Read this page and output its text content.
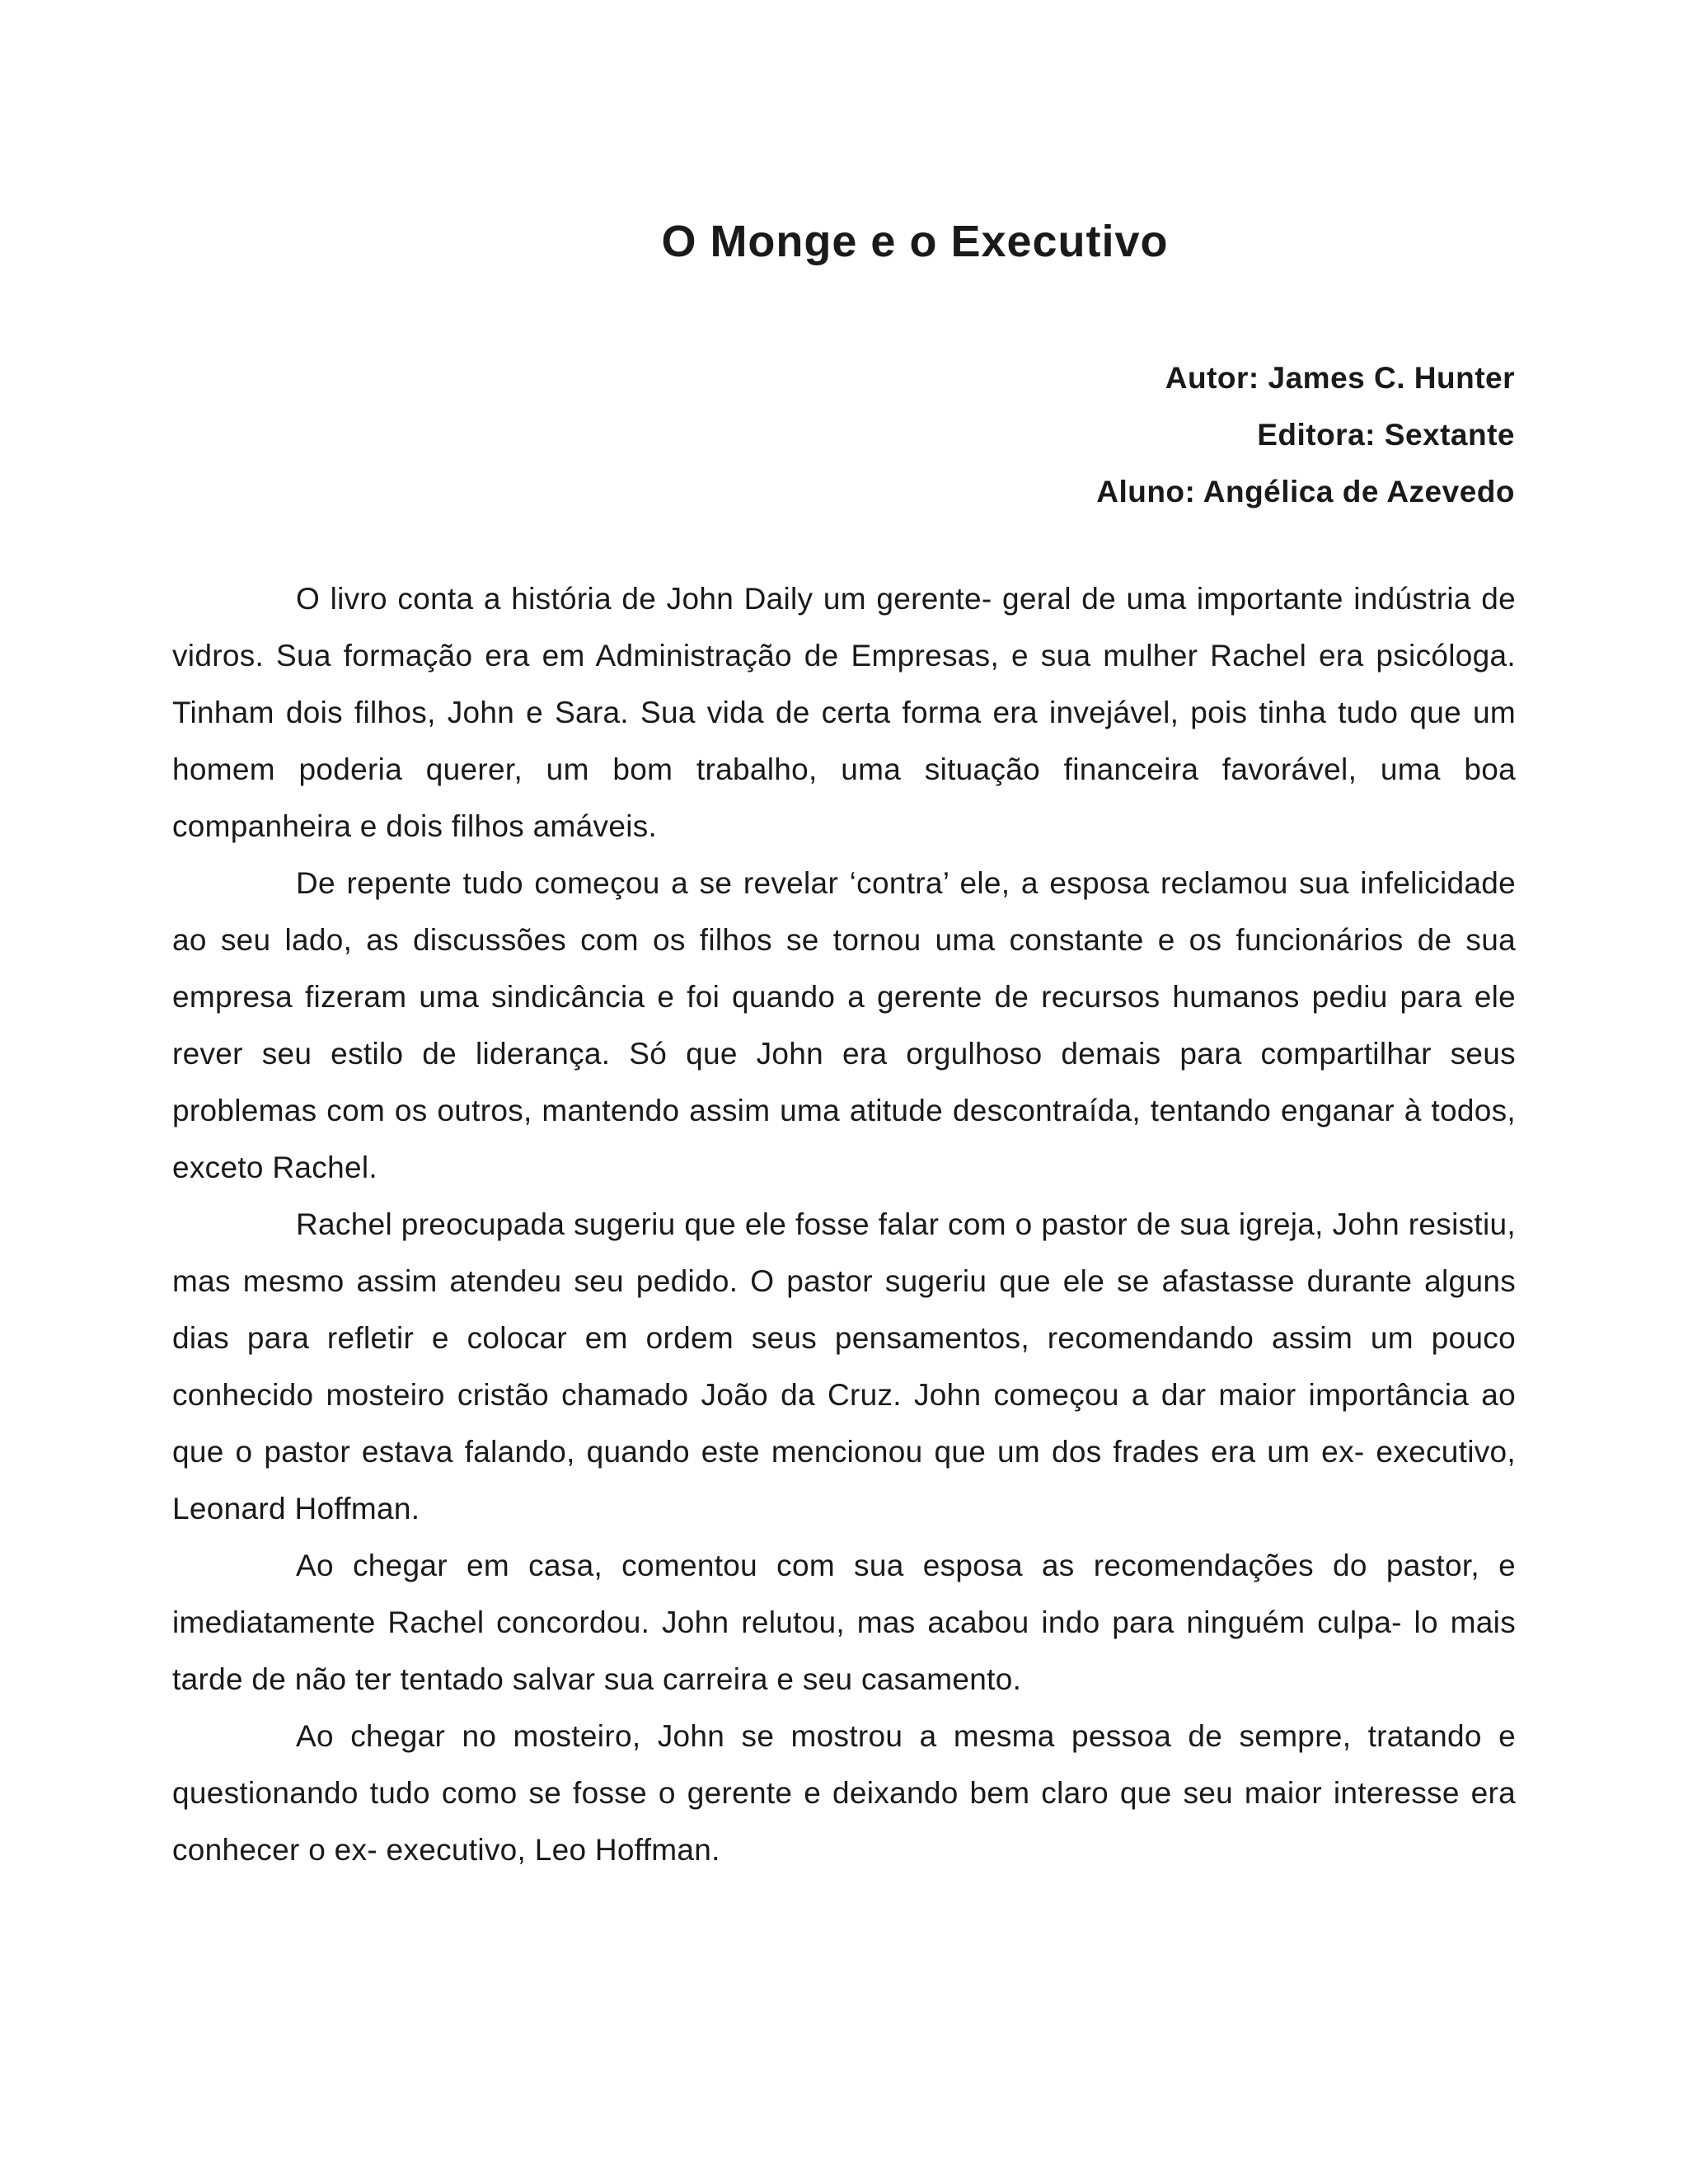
O Monge e o Executivo
Autor: James C. Hunter
Editora: Sextante
Aluno: Angélica de Azevedo

O livro conta a história de John Daily um gerente- geral de uma importante indústria de vidros. Sua formação era em Administração de Empresas, e sua mulher Rachel era psicóloga. Tinham dois filhos, John e Sara. Sua vida de certa forma era invejável, pois tinha tudo que um homem poderia querer, um bom trabalho, uma situação financeira favorável, uma boa companheira e dois filhos amáveis.

De repente tudo começou a se revelar ‘contra’ ele, a esposa reclamou sua infelicidade ao seu lado, as discussões com os filhos se tornou uma constante e os funcionários de sua empresa fizeram uma sindicância e foi quando a gerente de recursos humanos pediu para ele rever seu estilo de liderança. Só que John era orgulhoso demais para compartilhar seus problemas com os outros, mantendo assim uma atitude descontraída, tentando enganar à todos, exceto Rachel.

Rachel preocupada sugeriu que ele fosse falar com o pastor de sua igreja, John resistiu, mas mesmo assim atendeu seu pedido. O pastor sugeriu que ele se afastasse durante alguns dias para refletir e colocar em ordem seus pensamentos, recomendando assim um pouco conhecido mosteiro cristão chamado João da Cruz. John começou a dar maior importância ao que o pastor estava falando, quando este mencionou que um dos frades era um ex- executivo, Leonard Hoffman.

Ao chegar em casa, comentou com sua esposa as recomendações do pastor, e imediatamente Rachel concordou. John relutou, mas acabou indo para ninguém culpa- lo mais tarde de não ter tentado salvar sua carreira e seu casamento.

Ao chegar no mosteiro, John se mostrou a mesma pessoa de sempre, tratando e questionando tudo como se fosse o gerente e deixando bem claro que seu maior interesse era conhecer o ex- executivo, Leo Hoffman.
